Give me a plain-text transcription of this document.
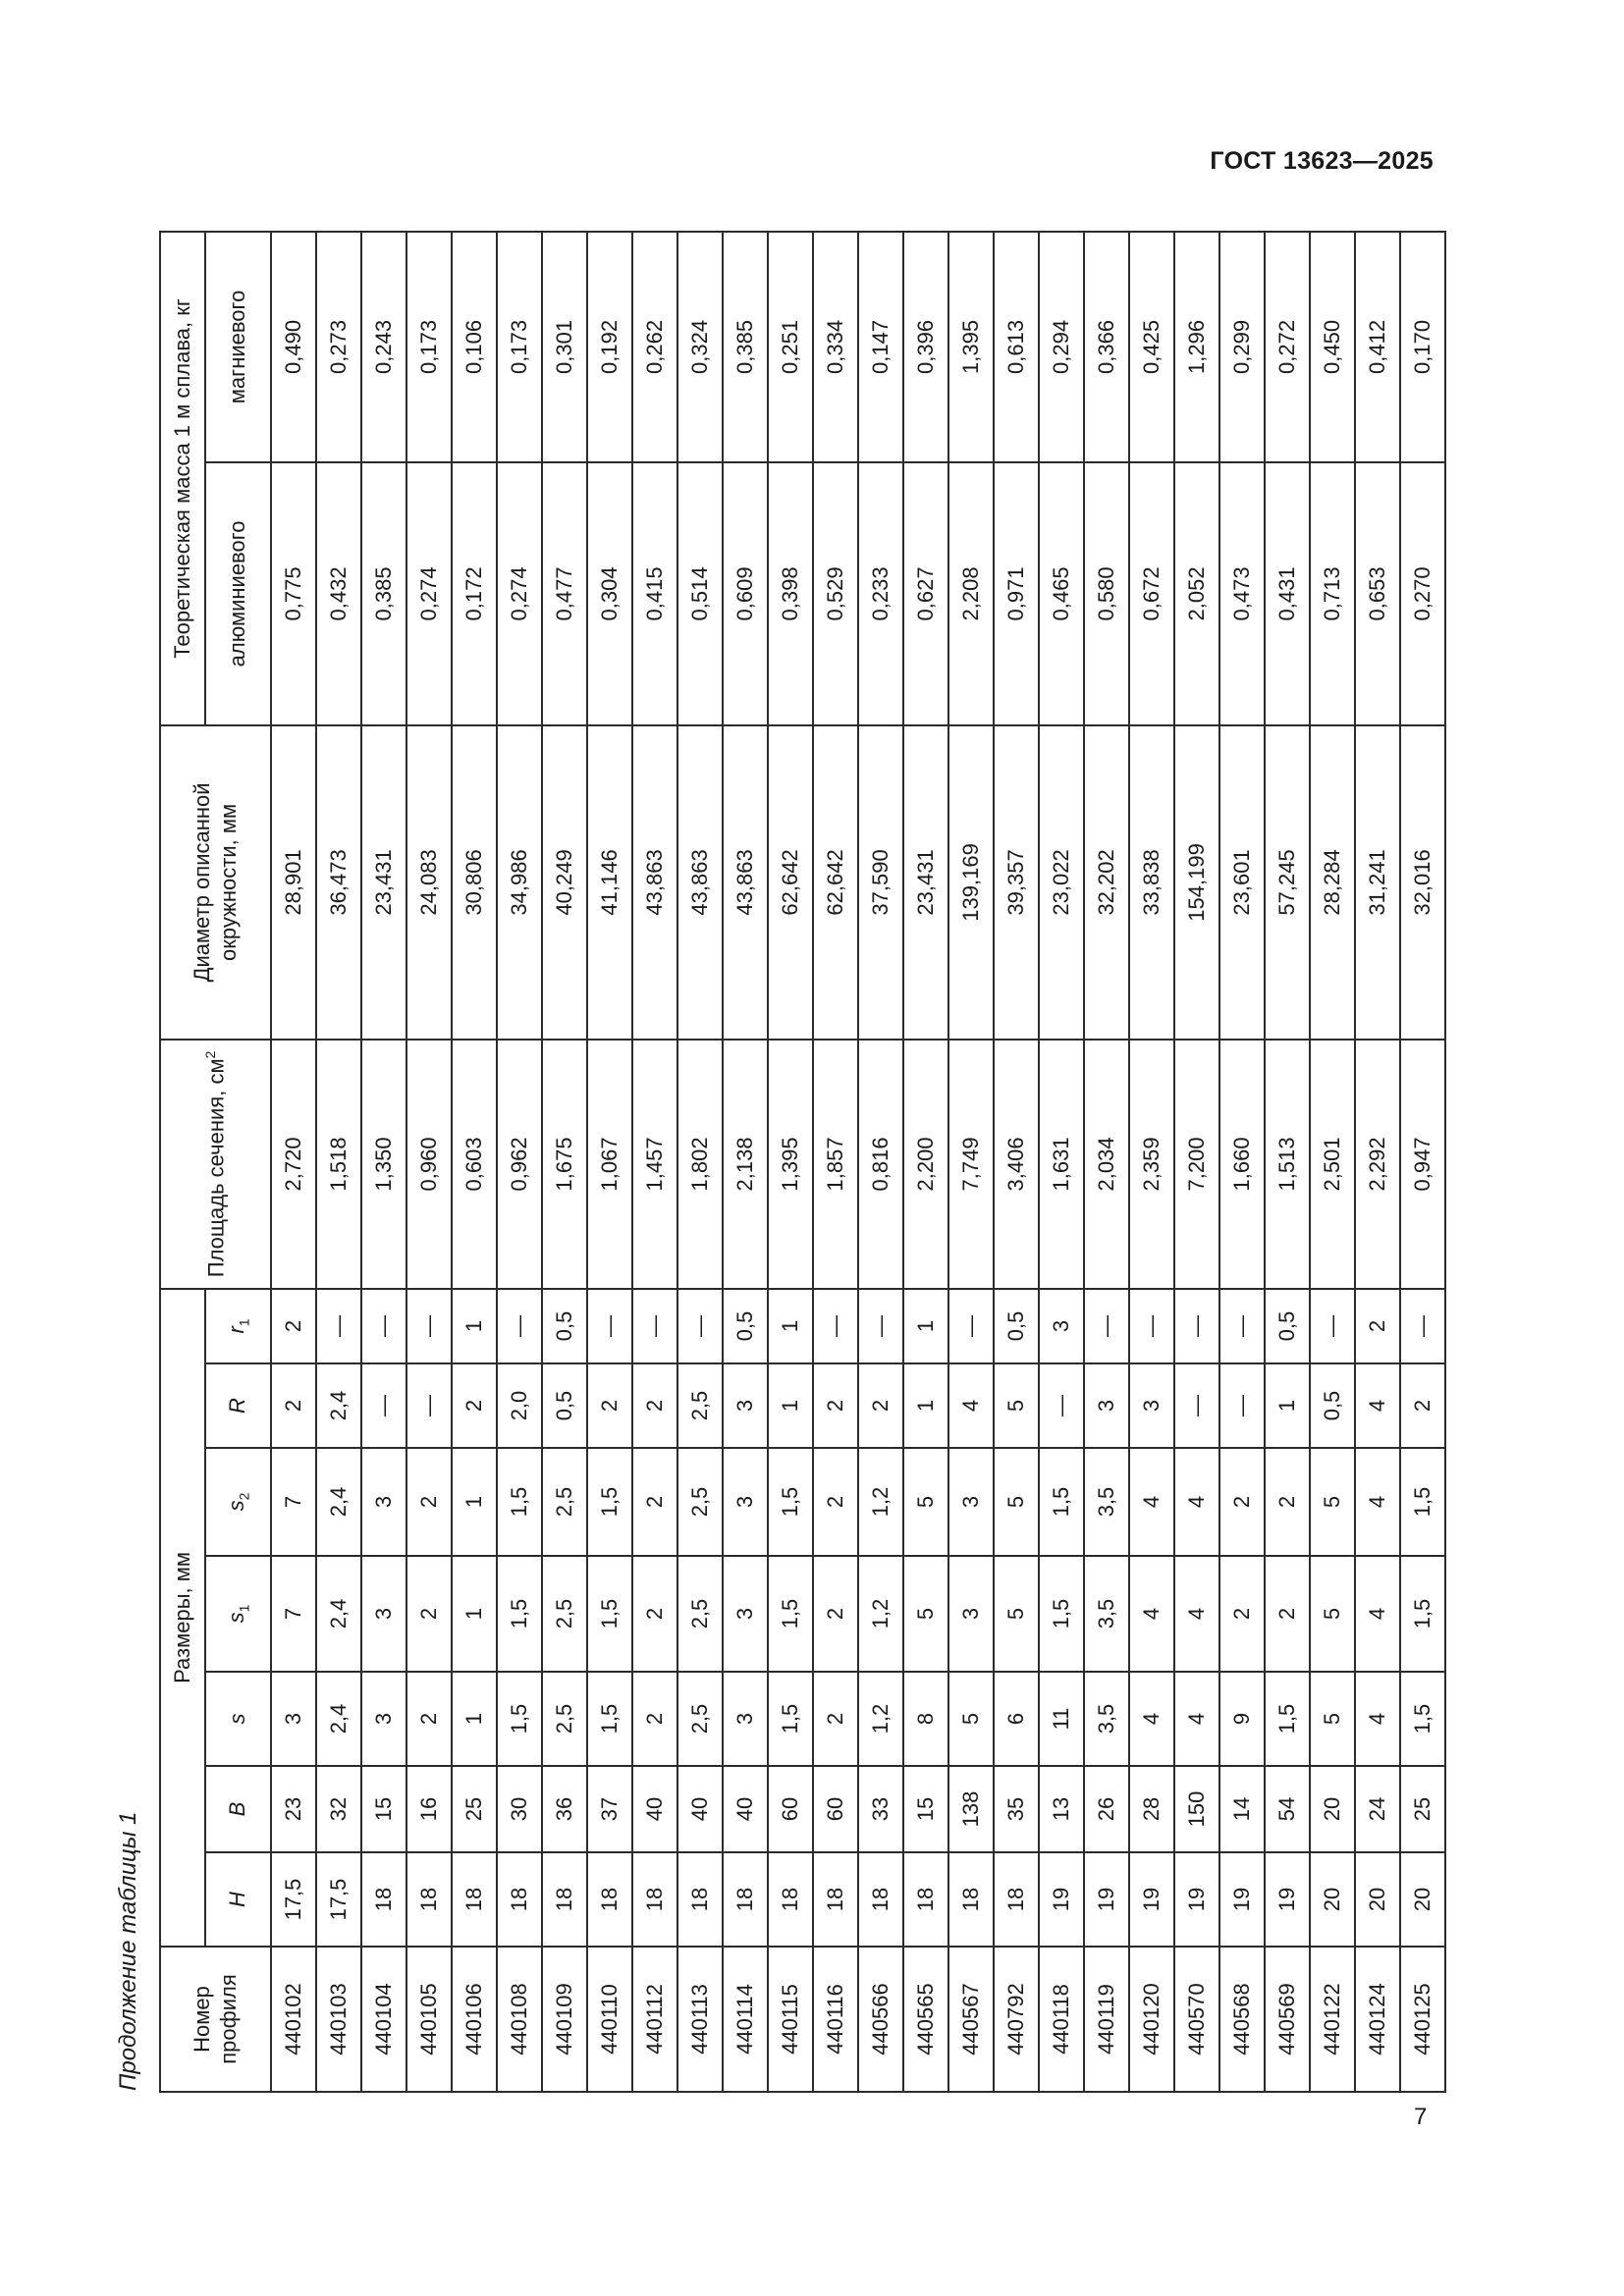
ГОСТ 13623—2025
Продолжение таблицы 1 Номер профиля	Размеры, мм							Площадь сечения, $см^2$	Диаметр описанной окружности, мм	Теоретическая масса 1 м сплава, кг	
	H	B	s	$s_1$	$s_2$	R	$r_1$			алюминиевого	магниевого
440102	17,5	23	3	7	7	2	2	2,720	28,901	0,775	0,490
440103	17,5	32	2,4	2,4	2,4	2,4	—	1,518	36,473	0,432	0,273
440104	18	15	3	3	3	—	—	1,350	23,431	0,385	0,243
440105	18	16	2	2	2	—	—	0,960	24,083	0,274	0,173
440106	18	25	1	1	1	2	1	0,603	30,806	0,172	0,106
440108	18	30	1,5	1,5	1,5	2,0	—	0,962	34,986	0,274	0,173
440109	18	36	2,5	2,5	2,5	0,5	0,5	1,675	40,249	0,477	0,301
440110	18	37	1,5	1,5	1,5	2	—	1,067	41,146	0,304	0,192
440112	18	40	2	2	2	2	—	1,457	43,863	0,415	0,262
440113	18	40	2,5	2,5	2,5	2,5	—	1,802	43,863	0,514	0,324
440114	18	40	3	3	3	3	0,5	2,138	43,863	0,609	0,385
440115	18	60	1,5	1,5	1,5	1	1	1,395	62,642	0,398	0,251
440116	18	60	2	2	2	2	—	1,857	62,642	0,529	0,334
440566	18	33	1,2	1,2	1,2	2	—	0,816	37,590	0,233	0,147
440565	18	15	8	5	5	1	1	2,200	23,431	0,627	0,396
440567	18	138	5	3	3	4	—	7,749	139,169	2,208	1,395
440792	18	35	6	5	5	5	0,5	3,406	39,357	0,971	0,613
440118	19	13	11	1,5	1,5	—	3	1,631	23,022	0,465	0,294
440119	19	26	3,5	3,5	3,5	3	—	2,034	32,202	0,580	0,366
440120	19	28	4	4	4	3	—	2,359	33,838	0,672	0,425
440570	19	150	4	4	4	—	—	7,200	154,199	2,052	1,296
440568	19	14	9	2	2	—	—	1,660	23,601	0,473	0,299
440569	19	54	1,5	2	2	1	0,5	1,513	57,245	0,431	0,272
440122	20	20	5	5	5	0,5	—	2,501	28,284	0,713	0,450
440124	20	24	4	4	4	4	2	2,292	31,241	0,653	0,412
440125	20	25	1,5	1,5	1,5	2	—	0,947	32,016	0,270	0,170
7
